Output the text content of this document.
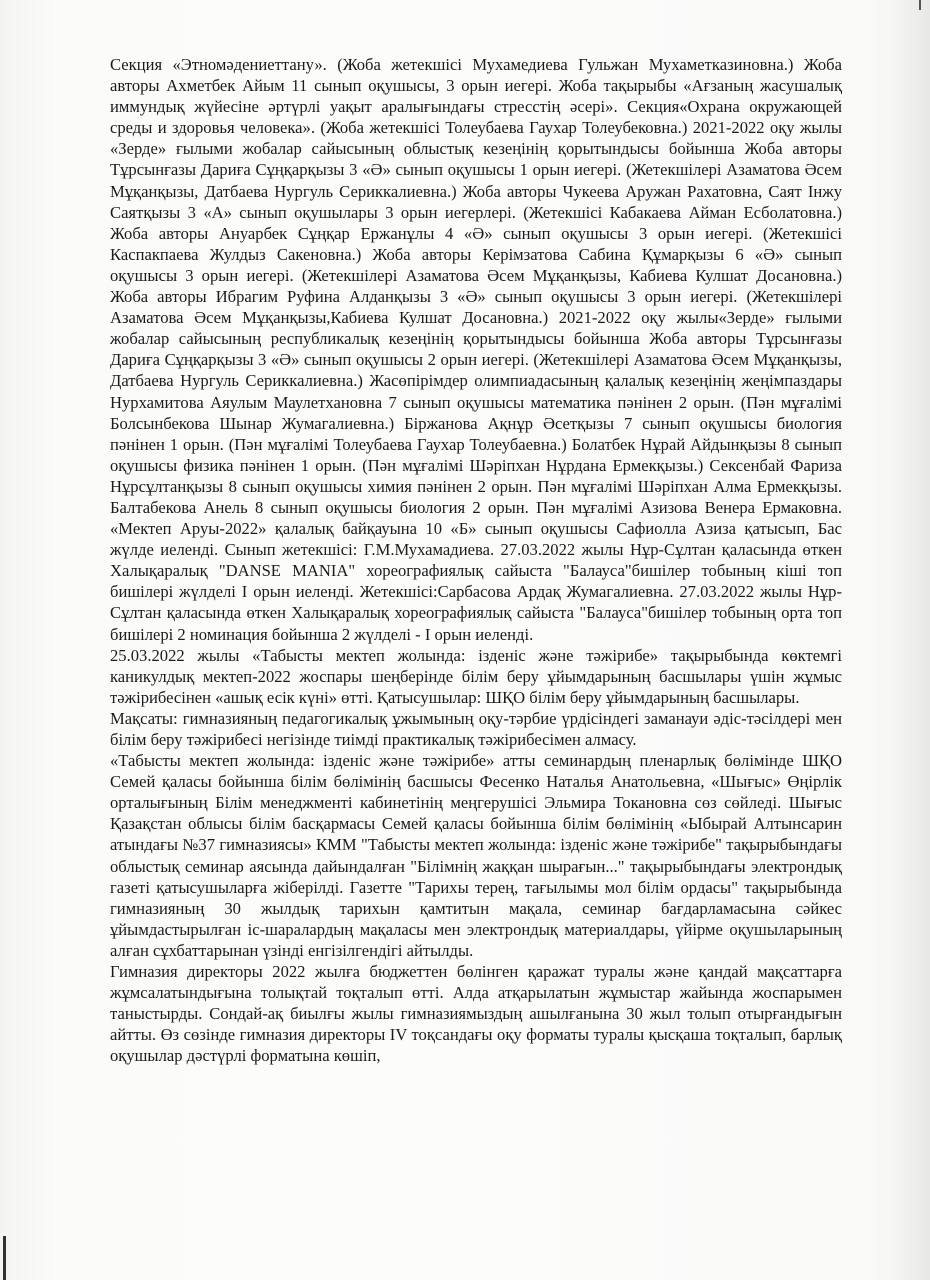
Секция «Этномәдениеттану». (Жоба жетекшісі Мухамедиева Гульжан Мухаметказиновна.) Жоба авторы Ахметбек Айым 11 сынып оқушысы, 3 орын иегері. Жоба тақырыбы «Ағзаның жасушалық иммундық жүйесіне әртүрлі уақыт аралығындағы стресстің әсері». Секция«Охрана окружающей среды и здоровья человека». (Жоба жетекшісі Толеубаева Гаухар Толеубековна.) 2021-2022 оқу жылы «Зерде» ғылыми жобалар сайысының облыстық кезеңінің қорытындысы бойынша Жоба авторы Тұрсынғазы Дариға Сұңқарқызы 3 «Ә» сынып оқушысы 1 орын иегері. (Жетекшілері Азаматова Әсем Мұқанқызы, Датбаева Нургуль Сериккалиевна.) Жоба авторы Чукеева Аружан Рахатовна, Саят Інжу Саятқызы 3 «А» сынып оқушылары 3 орын иегерлері. (Жетекшісі Кабакаева Айман Есболатовна.) Жоба авторы Ануарбек Сұңқар Ержанұлы 4 «Ә» сынып оқушысы 3 орын иегері. (Жетекшісі Каспакпаева Жулдыз Сакеновна.) Жоба авторы Керімзатова Сабина Құмарқызы 6 «Ә» сынып оқушысы 3 орын иегері. (Жетекшілері Азаматова Әсем Мұқанқызы, Кабиева Кулшат Досановна.) Жоба авторы Ибрагим Руфина Алданқызы 3 «Ә» сынып оқушысы 3 орын иегері. (Жетекшілері Азаматова Әсем Мұқанқызы,Кабиева Кулшат Досановна.) 2021-2022 оқу жылы«Зерде» ғылыми жобалар сайысының республикалық кезеңінің қорытындысы бойынша Жоба авторы Тұрсынғазы Дариға Сұңқарқызы 3 «Ә» сынып оқушысы 2 орын иегері. (Жетекшілері Азаматова Әсем Мұқанқызы, Датбаева Нургуль Сериккалиевна.) Жасөпірімдер олимпиадасының қалалық кезеңінің жеңімпаздары Нурхамитова Аяулым Маулетхановна 7 сынып оқушысы математика пәнінен 2 орын. (Пән мұғалімі Болсынбекова Шынар Жумагалиевна.) Біржанова Ақнұр Әсетқызы 7 сынып оқушысы биология пәнінен 1 орын. (Пән мұғалімі Толеубаева Гаухар Толеубаевна.) Болатбек Нұрай Айдынқызы 8 сынып оқушысы физика пәнінен 1 орын. (Пән мұғалімі Шәріпхан Нұрдана Ермекқызы.) Сексенбай Фариза Нұрсұлтанқызы 8 сынып оқушысы химия пәнінен 2 орын. Пән мұғалімі Шәріпхан Алма Ермекқызы. Балтабекова Анель 8 сынып оқушысы биология 2 орын. Пән мұғалімі Азизова Венера Ермаковна. «Мектеп Аруы-2022» қалалық байқауына 10 «Б» сынып оқушысы Сафиолла Азиза қатысып, Бас жүлде иеленді. Сынып жетекшісі: Г.М.Мухамадиева. 27.03.2022 жылы Нұр-Сұлтан қаласында өткен Халықаралық "DANSE MANIA" хореографиялық сайыста "Балауса"бишілер тобының кіші топ бишілері жүлделі I орын иеленді. Жетекшісі:Сарбасова Ардақ Жумагалиевна. 27.03.2022 жылы Нұр-Сұлтан қаласында өткен Халықаралық хореографиялық сайыста "Балауса"бишілер тобының орта топ бишілері 2 номинация бойынша 2 жүлделі - I орын иеленді.

25.03.2022 жылы «Табысты мектеп жолында: ізденіс және тәжірибе» тақырыбында көктемгі каникулдық мектеп-2022 жоспары шеңберінде білім беру ұйымдарының басшылары үшін жұмыс тәжірибесінен «ашық есік күні» өтті. Қатысушылар: ШҚО білім беру ұйымдарының басшылары.

Мақсаты: гимназияның педагогикалық ұжымының оқу-тәрбие үрдісіндегі заманауи әдіс-тәсілдері мен білім беру тәжірибесі негізінде тиімді практикалық тәжірибесімен алмасу.

«Табысты мектеп жолында: ізденіс және тәжірибе» атты семинардың пленарлық бөлімінде ШҚО Семей қаласы бойынша білім бөлімінің басшысы Фесенко Наталья Анатольевна, «Шығыс» Өңірлік орталығының Білім менеджменті кабинетінің меңгерушісі Эльмира Токановна сөз сөйледі. Шығыс Қазақстан облысы білім басқармасы Семей қаласы бойынша білім бөлімінің «Ыбырай Алтынсарин атындағы №37 гимназиясы» КММ "Табысты мектеп жолында: ізденіс және тәжірибе" тақырыбындағы облыстық семинар аясында дайындалған "Білімнің жаққан шырағын..." тақырыбындағы электрондық газеті қатысушыларға жіберілді. Газетте "Тарихы терең, тағылымы мол білім ордасы" тақырыбында гимназияның 30 жылдық тарихын қамтитын мақала, семинар бағдарламасына сәйкес ұйымдастырылған іс-шаралардың мақаласы мен электрондық материалдары, үйірме оқушыларының алған сұхбаттарынан үзінді енгізілгендігі айтылды.

Гимназия директоры 2022 жылға бюджеттен бөлінген қаражат туралы және қандай мақсаттарға жұмсалатындығына толықтай тоқталып өтті. Алда атқарылатын жұмыстар жайында жоспарымен таныстырды. Сондай-ақ биылғы жылы гимназиямыздың ашылғанына 30 жыл толып отырғандығын айтты. Өз сөзінде гимназия директоры IV тоқсандағы оқу форматы туралы қысқаша тоқталып, барлық оқушылар дәстүрлі форматына көшіп,
